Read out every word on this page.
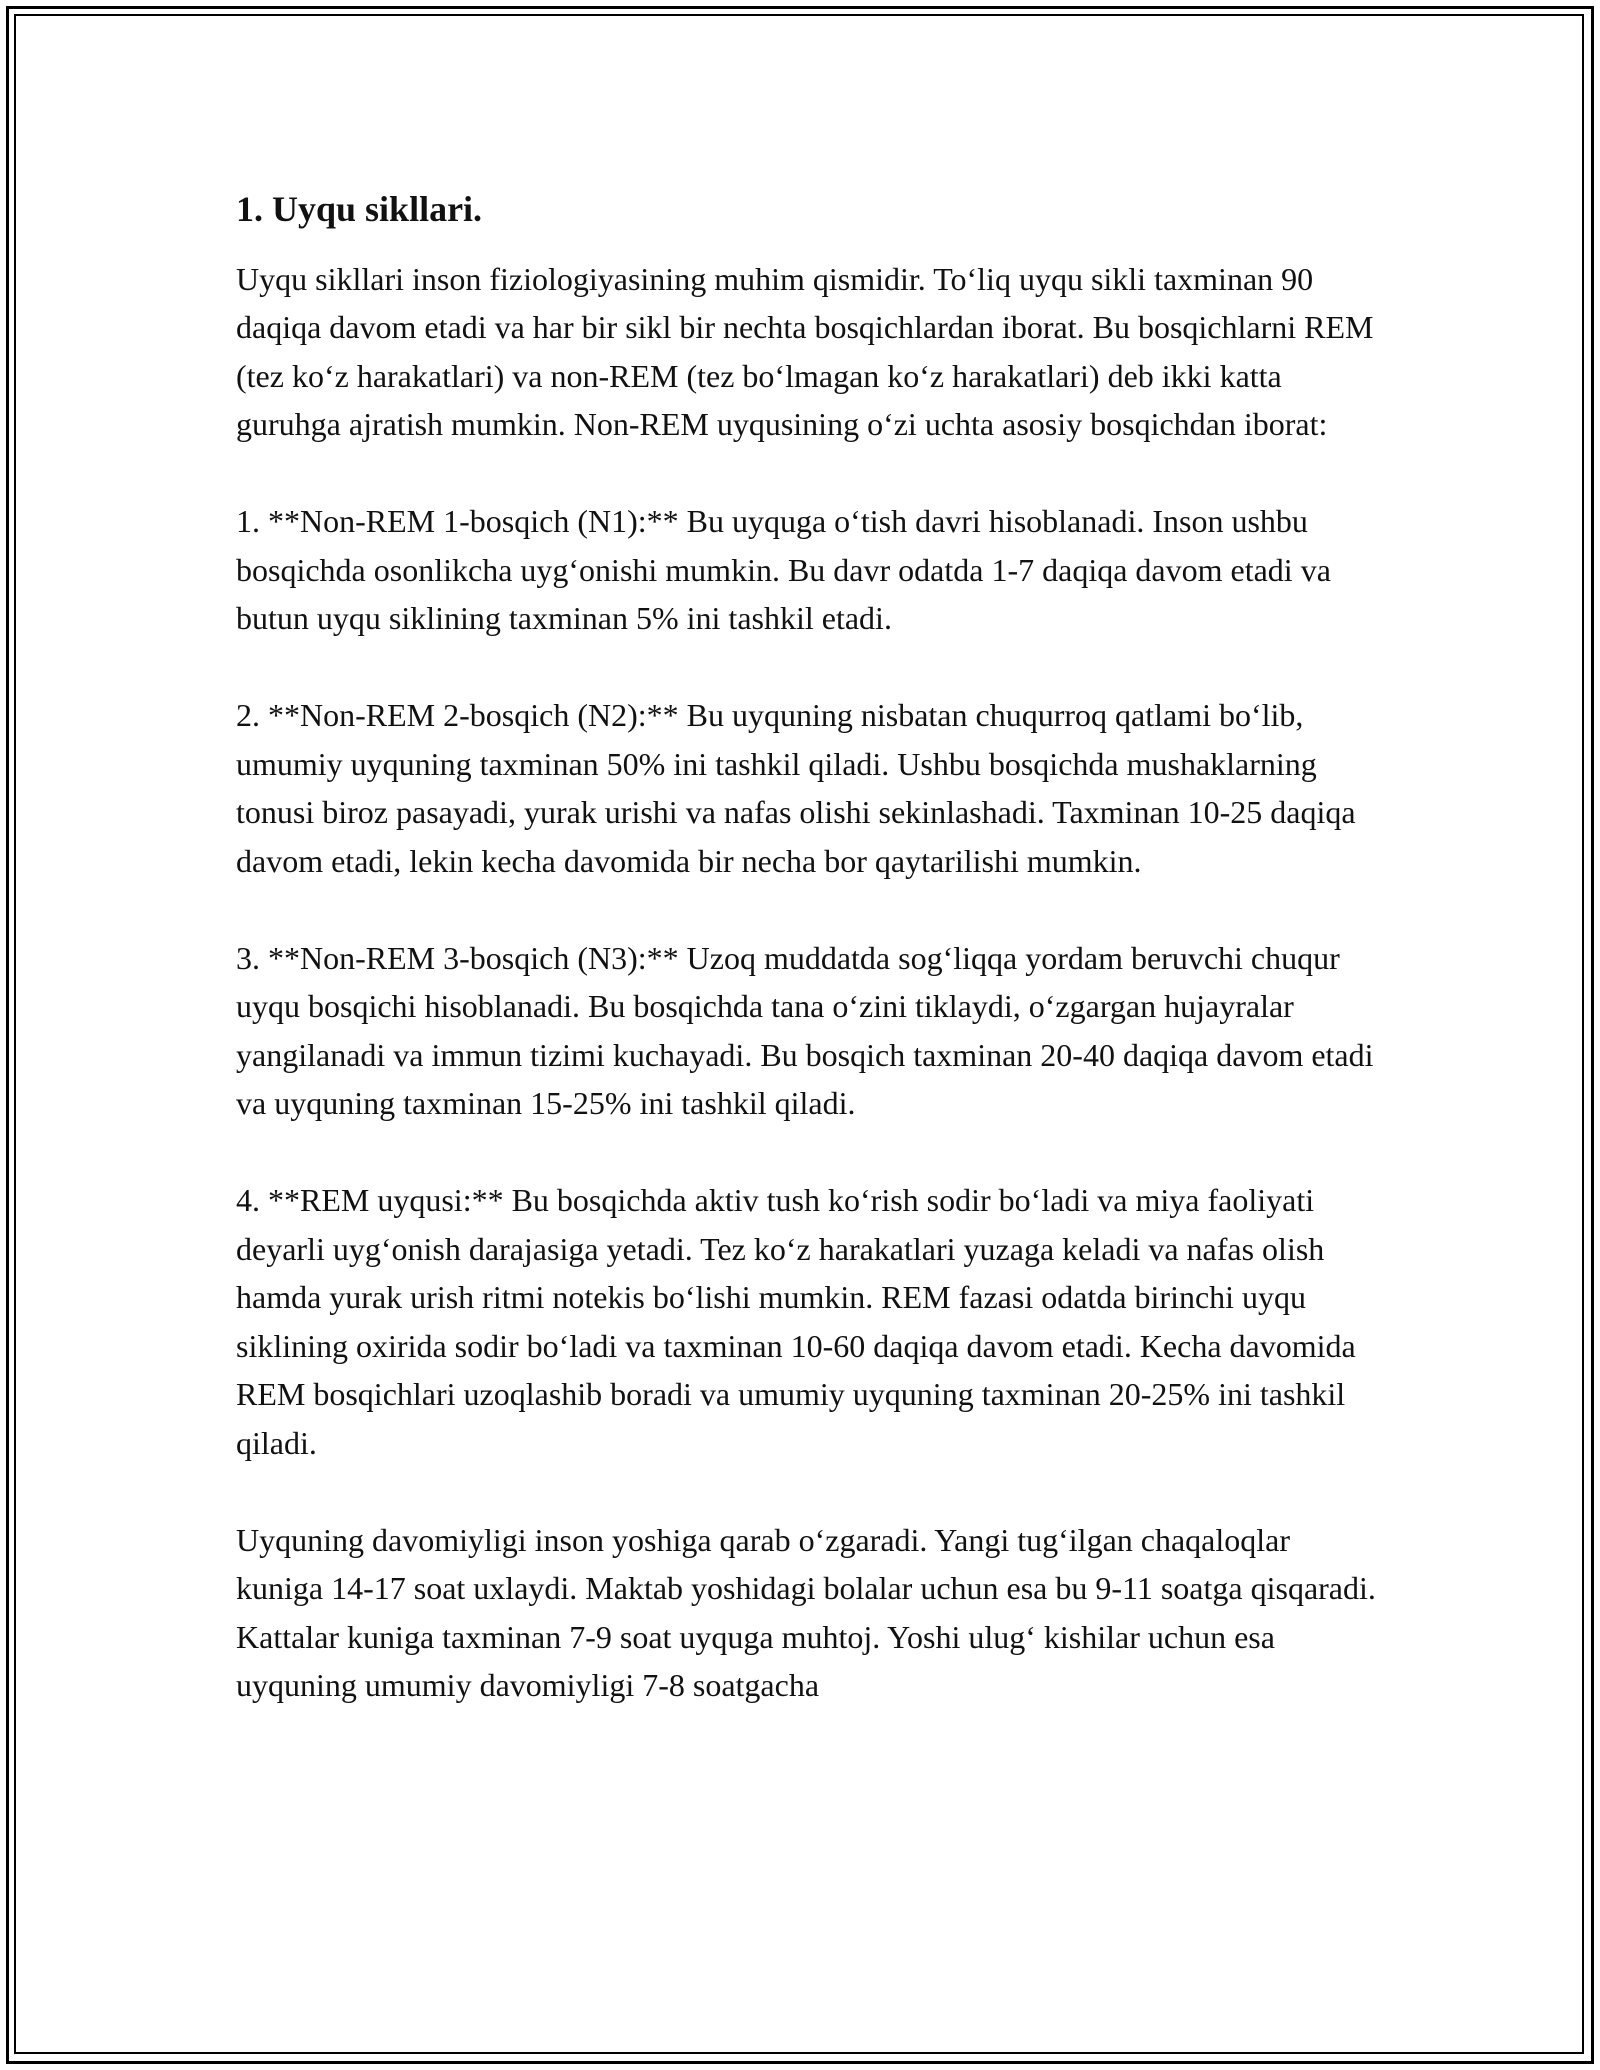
1. Uyqu sikllari.

Uyqu sikllari inson fiziologiyasining muhim qismidir. To‘liq uyqu sikli taxminan 90 daqiqa davom etadi va har bir sikl bir nechta bosqichlardan iborat. Bu bosqichlarni REM (tez ko‘z harakatlari) va non-REM (tez bo‘lmagan ko‘z harakatlari) deb ikki katta guruhga ajratish mumkin. Non-REM uyqusining o‘zi uchta asosiy bosqichdan iborat:

1. **Non-REM 1-bosqich (N1):** Bu uyquga o‘tish davri hisoblanadi. Inson ushbu bosqichda osonlikcha uyg‘onishi mumkin. Bu davr odatda 1-7 daqiqa davom etadi va butun uyqu siklining taxminan 5% ini tashkil etadi.

2. **Non-REM 2-bosqich (N2):** Bu uyquning nisbatan chuqurroq qatlami bo‘lib, umumiy uyquning taxminan 50% ini tashkil qiladi. Ushbu bosqichda mushaklarning tonusi biroz pasayadi, yurak urishi va nafas olishi sekinlashadi. Taxminan 10-25 daqiqa davom etadi, lekin kecha davomida bir necha bor qaytarilishi mumkin.

3. **Non-REM 3-bosqich (N3):** Uzoq muddatda sog‘liqqa yordam beruvchi chuqur uyqu bosqichi hisoblanadi. Bu bosqichda tana o‘zini tiklaydi, o‘zgargan hujayralar yangilanadi va immun tizimi kuchayadi. Bu bosqich taxminan 20-40 daqiqa davom etadi va uyquning taxminan 15-25% ini tashkil qiladi.

4. **REM uyqusi:** Bu bosqichda aktiv tush ko‘rish sodir bo‘ladi va miya faoliyati deyarli uyg‘onish darajasiga yetadi. Tez ko‘z harakatlari yuzaga keladi va nafas olish hamda yurak urish ritmi notekis bo‘lishi mumkin. REM fazasi odatda birinchi uyqu siklining oxirida sodir bo‘ladi va taxminan 10-60 daqiqa davom etadi. Kecha davomida REM bosqichlari uzoqlashib boradi va umumiy uyquning taxminan 20-25% ini tashkil qiladi.

Uyquning davomiyligi inson yoshiga qarab o‘zgaradi. Yangi tug‘ilgan chaqaloqlar kuniga 14-17 soat uxlaydi. Maktab yoshidagi bolalar uchun esa bu 9-11 soatga qisqaradi. Kattalar kuniga taxminan 7-9 soat uyquga muhtoj. Yoshi ulug‘ kishilar uchun esa uyquning umumiy davomiyligi 7-8 soatgacha
